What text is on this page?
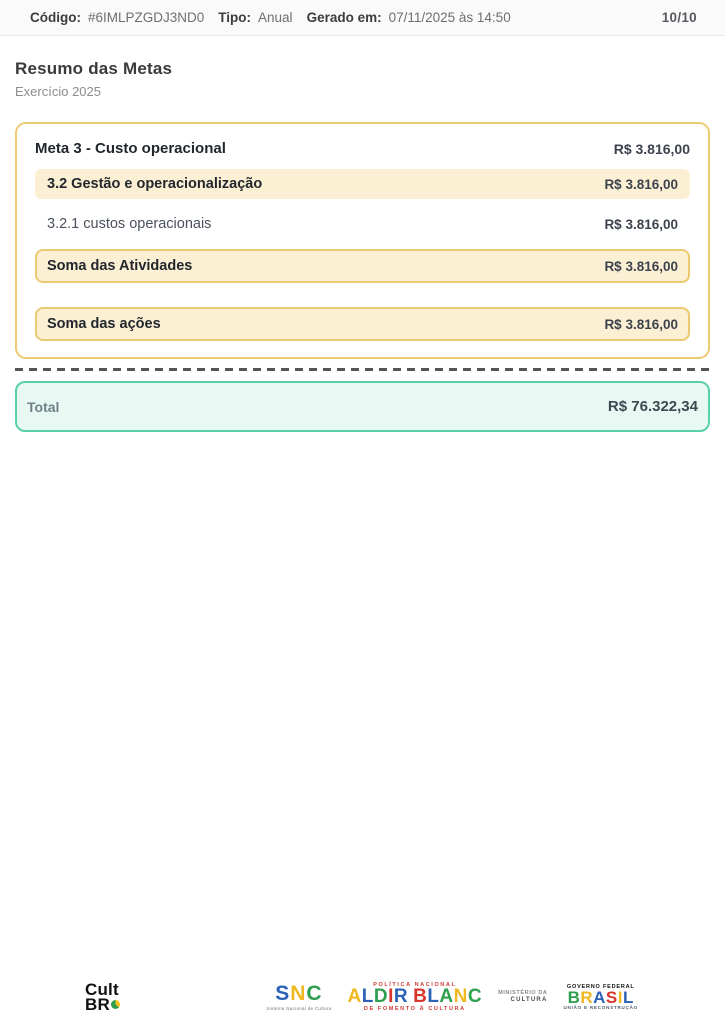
Código: #6IMLPZGDJ3ND0 Tipo: Anual Gerado em: 07/11/2025 às 14:50	10/10
Resumo das Metas
Exercício 2025
Meta 3 - Custo operacional	R$ 3.816,00
3.2 Gestão e operacionalização	R$ 3.816,00
3.2.1 custos operacionais	R$ 3.816,00
Soma das Atividades	R$ 3.816,00
Soma das ações	R$ 3.816,00
Total	R$ 76.322,34
Cult
BR	SNC
Sistema Nacional de Cultura
POLÍTICA NACIONAL
ALDIR BLANC
DE FOMENTO À CULTURA
MINISTÉRIO DA
CULTURA
GOVERNO FEDERAL
BRASIL
UNIÃO E RECONSTRUÇÃO
